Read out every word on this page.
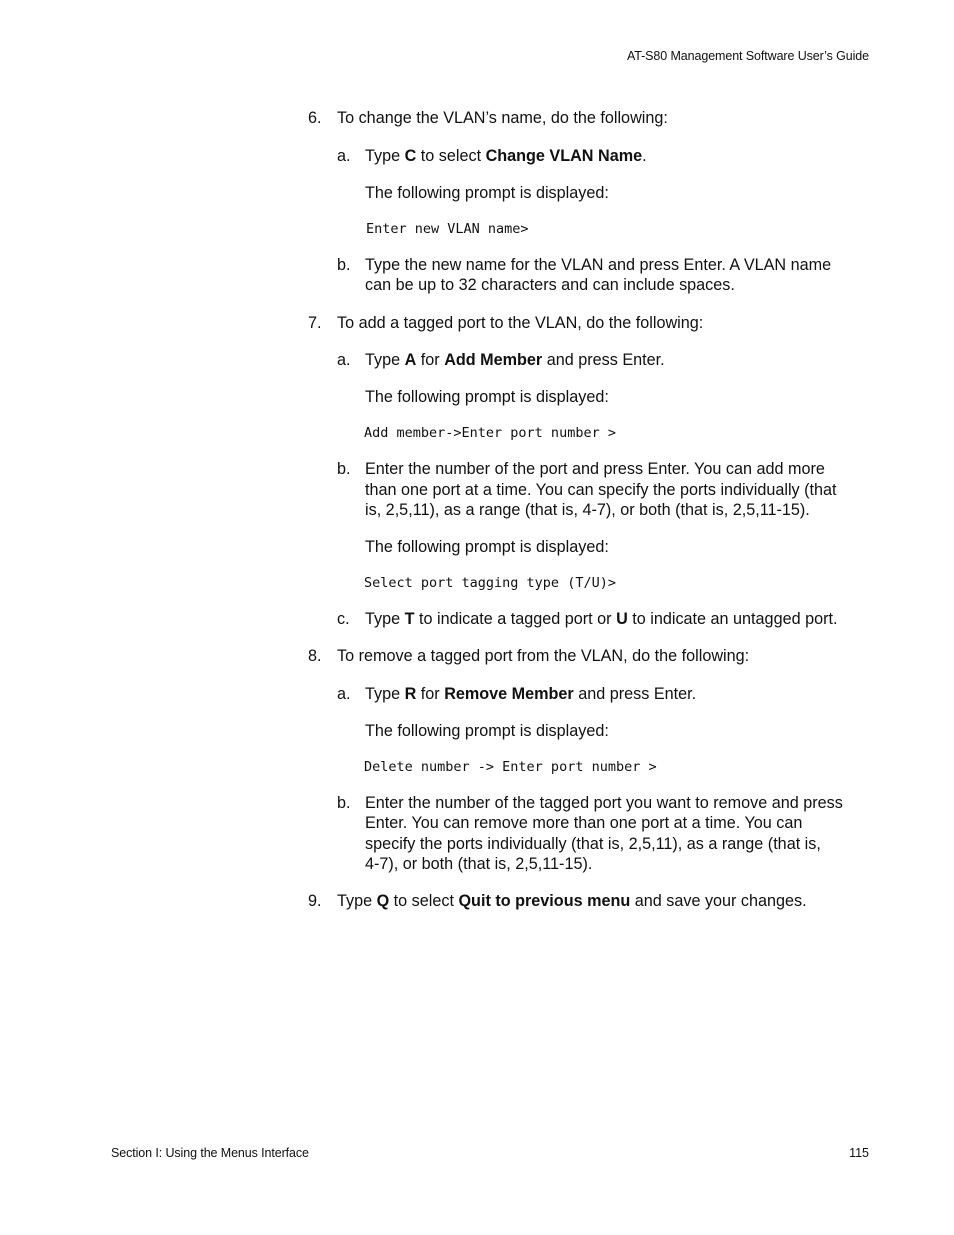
AT-S80 Management Software User’s Guide
6. To change the VLAN’s name, do the following:
a. Type C to select Change VLAN Name.
The following prompt is displayed:
Enter new VLAN name>
b. Type the new name for the VLAN and press Enter. A VLAN name
can be up to 32 characters and can include spaces.
7. To add a tagged port to the VLAN, do the following:
a. Type A for Add Member and press Enter.
The following prompt is displayed:
Add member->Enter port number >
b. Enter the number of the port and press Enter. You can add more
than one port at a time. You can specify the ports individually (that
is, 2,5,11), as a range (that is, 4-7), or both (that is, 2,5,11-15).
The following prompt is displayed:
Select port tagging type (T/U)>
c. Type T to indicate a tagged port or U to indicate an untagged port.
8. To remove a tagged port from the VLAN, do the following:
a. Type R for Remove Member and press Enter.
The following prompt is displayed:
Delete number -> Enter port number >
b. Enter the number of the tagged port you want to remove and press
Enter. You can remove more than one port at a time. You can
specify the ports individually (that is, 2,5,11), as a range (that is,
4-7), or both (that is, 2,5,11-15).
9. Type Q to select Quit to previous menu and save your changes.
Section I: Using the Menus Interface	115
